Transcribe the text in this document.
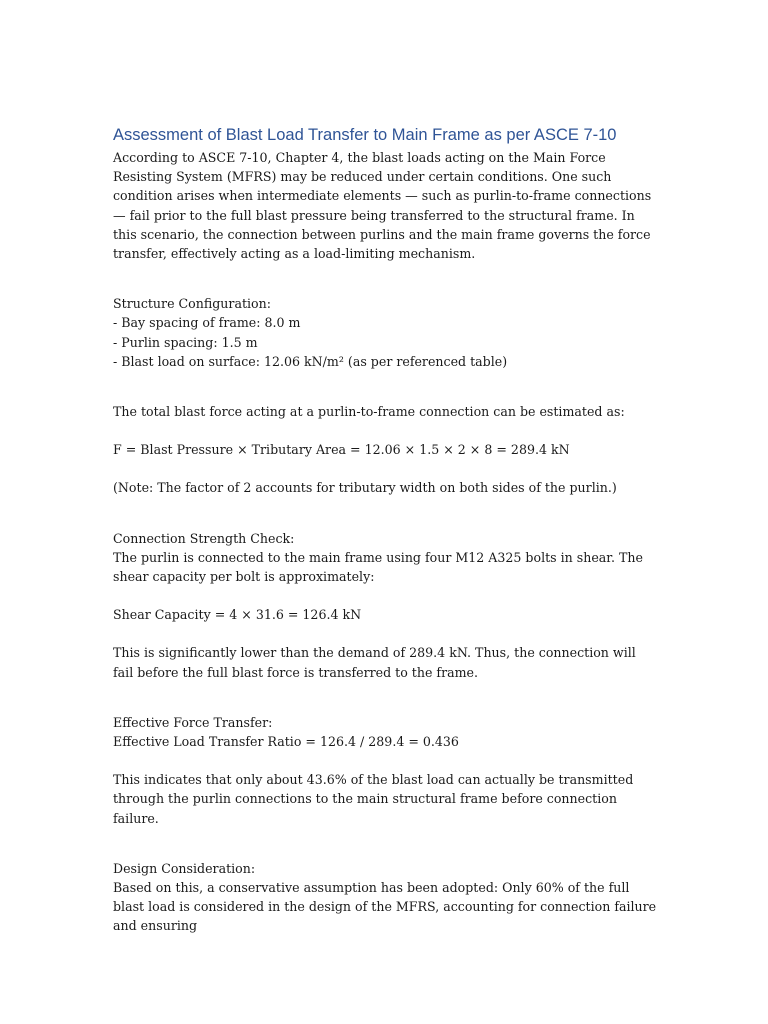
Assessment of Blast Load Transfer to Main Frame as per ASCE 7-10

According to ASCE 7-10, Chapter 4, the blast loads acting on the Main Force Resisting System (MFRS) may be reduced under certain conditions. One such condition arises when intermediate elements — such as purlin-to-frame connections — fail prior to the full blast pressure being transferred to the structural frame. In this scenario, the connection between purlins and the main frame governs the force transfer, effectively acting as a load-limiting mechanism.

Structure Configuration:
- Bay spacing of frame: 8.0 m
- Purlin spacing: 1.5 m
- Blast load on surface: 12.06 kN/m² (as per referenced table)

The total blast force acting at a purlin-to-frame connection can be estimated as:

F = Blast Pressure × Tributary Area = 12.06 × 1.5 × 2 × 8 = 289.4 kN

(Note: The factor of 2 accounts for tributary width on both sides of the purlin.)

Connection Strength Check:
The purlin is connected to the main frame using four M12 A325 bolts in shear. The shear capacity per bolt is approximately:

Shear Capacity = 4 × 31.6 = 126.4 kN

This is significantly lower than the demand of 289.4 kN. Thus, the connection will fail before the full blast force is transferred to the frame.

Effective Force Transfer:
Effective Load Transfer Ratio = 126.4 / 289.4 = 0.436

This indicates that only about 43.6% of the blast load can actually be transmitted through the purlin connections to the main structural frame before connection failure.

Design Consideration:
Based on this, a conservative assumption has been adopted: Only 60% of the full blast load is considered in the design of the MFRS, accounting for connection failure and ensuring
